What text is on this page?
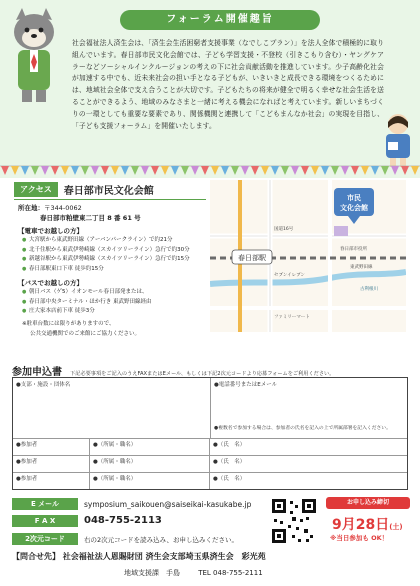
フォーラム開催趣旨

社会福祉法人済生会は、「済生会生活困窮者支援事業（なでしこプラン）」を法人全体で積極的に取り組んでいます。春日部市民文化会館では、子ども学習支援・不登校（引きこもり含む）・ヤングケアラーなどソーシャルインクルージョンの考えの下に社会貢献活動を推進しています。少子高齢化社会が加速する中でも、近未来社会の担い手となる子どもが、いきいきと成長できる環境をつくるためには、地域社会全体で支え合うことが大切です。子どもたちの将来が健全で明るく幸せな社会生活を送ることができるよう、地域のみなさまと一緒に考える機会になればと考えています。新しいまちづくりの一環としても重要な要素であり、関係機関と連携して「こどもまんなか社会」の実現を目指し、「子ども支援フォーラム」を開催いたします。

アクセス	春日部市民文化会館
所在地：〒344-0062
春日部市粕壁東二丁目 8 番 61 号
【電車でお越しの方】
● 大宮駅から東武野田線（アーバンパークライン）で約21分
● 北千住駅から東武伊勢崎線（スカイツリーライン）急行で約30分
● 新越谷駅から東武伊勢崎線（スカイツリーライン）急行で約15分
● 春日部駅東口下車 徒歩約15分
【バスでお越しの方】
● 朝日バス（ゲ5）イオンモール春日部発または、
● 春日部中央ターミナル・ほか行き 東武野田線経由
● 庄大家本店前下車 徒歩3分
※駐車台数には限りがありますので、
公共交通機関でのご来館にご協力ください。
市民
文化会館
春日部駅
春日部市役所
東武野田線
古利根川
国道16号
セブンイレブン
ファミリーマート
参加申込書 下記必要事項をご記入のうえFAXまたはEメール、もしくは下記2次元コードより応募フォームをご利用ください。
●支部・施設・団体名	●電話番号またはEメール
●複数名で参加する場合は、参加者の氏名を記入の上で所属部署を記入ください。
●参加者	●（所属・職名）	●（氏　名）
●参加者	●（所属・職名）	●（氏　名）
●参加者	●（所属・職名）	●（氏　名）
E メール	symposium_saikouen@saiseikai-kasukabe.jp
F A X	048-755-2113
2次元コード	右の2次元コードを読み込み、お申し込みください。
お申し込み締切
9月28日(土)
※当日参加も OK！
【問合せ先】 社会福祉法人恩賜財団 済生会支部埼玉県済生会　彩光苑
地域支援課　手島	TEL 048-755-2111
